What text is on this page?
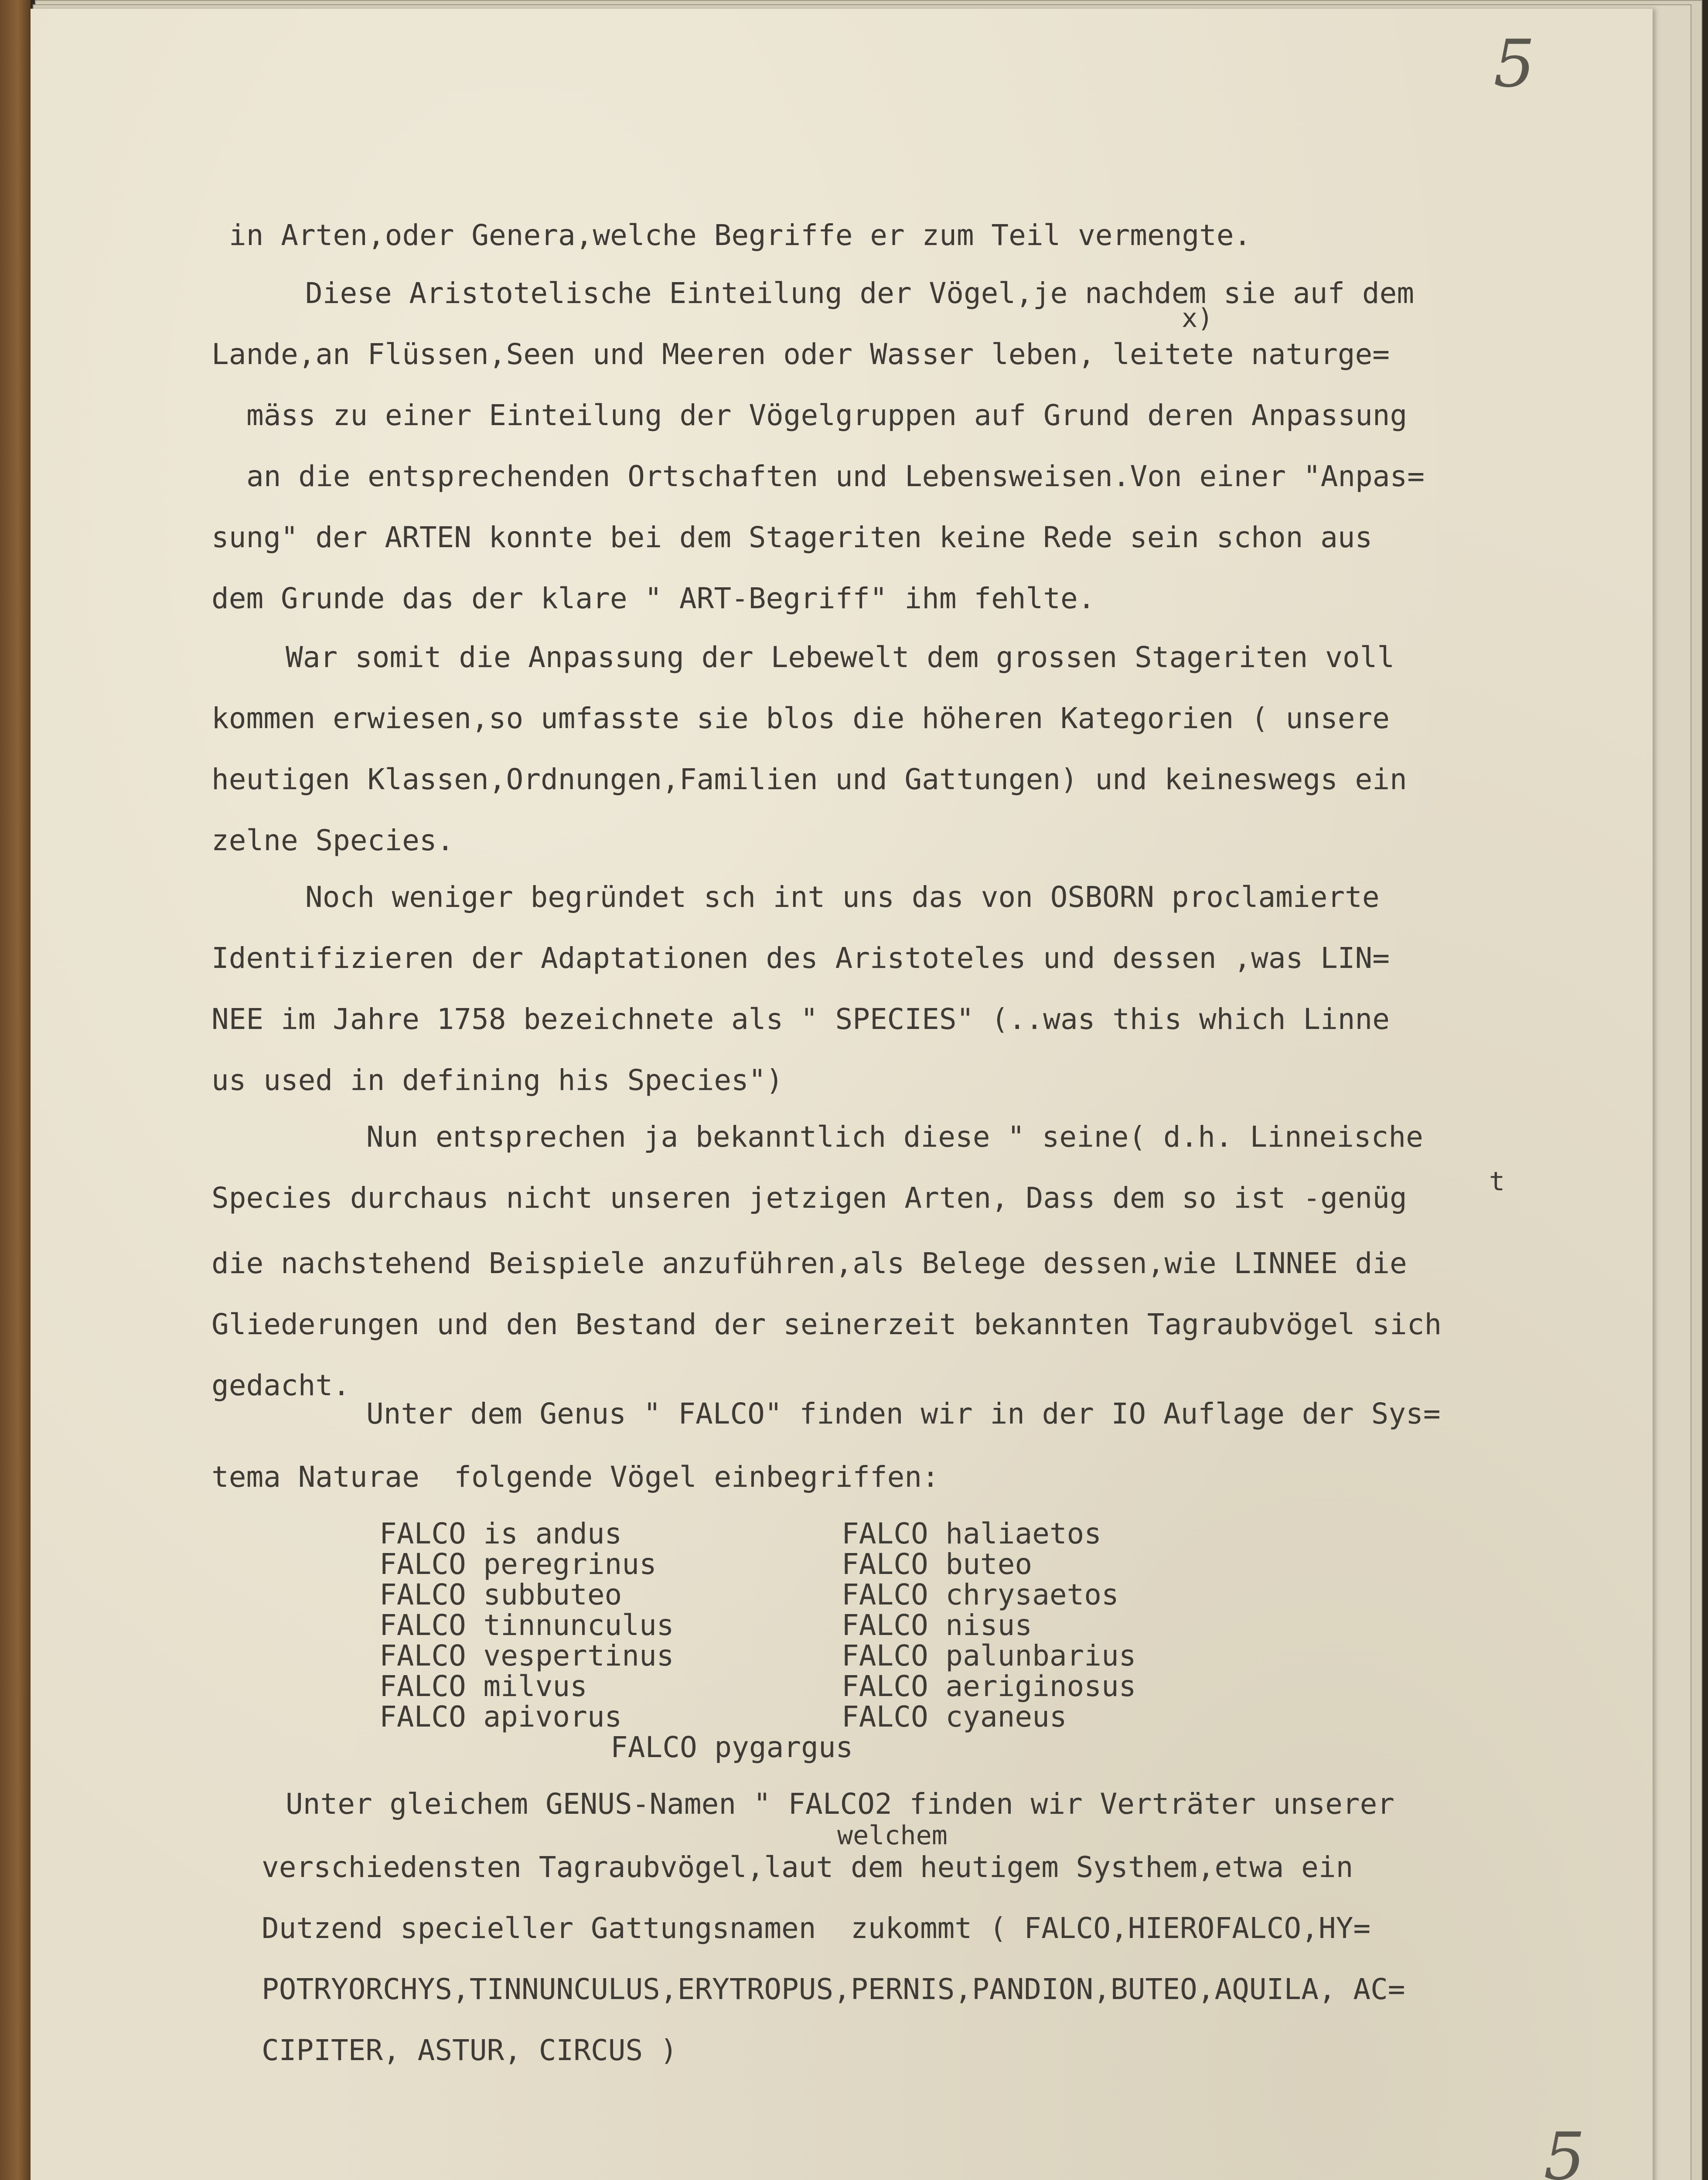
5

in Arten,oder Genera,welche Begriffe er zum Teil vermengte.

Diese Aristotelische Einteilung der Vögel,je nachdem sie auf dem

x)

Lande,an Flüssen,Seen und Meeren oder Wasser leben, leitete naturge=

mäss zu einer Einteilung der Vögelgruppen auf Grund deren Anpassung

an die entsprechenden Ortschaften und Lebensweisen.Von einer "Anpas=

sung" der ARTEN konnte bei dem Stageriten keine Rede sein schon aus

dem Grunde das der klare " ART-Begriff" ihm fehlte.

War somit die Anpassung der Lebewelt dem grossen Stageriten voll

kommen erwiesen,so umfasste sie blos die höheren Kategorien ( unsere

heutigen Klassen,Ordnungen,Familien und Gattungen) und keineswegs ein

zelne Species.

Noch weniger begründet sch int uns das von OSBORN proclamierte

Identifizieren der Adaptationen des Aristoteles und dessen ,was LIN=

NEE im Jahre 1758 bezeichnete als " SPECIES" (..was this which Linne

us used in defining his Species")

Nun entsprechen ja bekanntlich diese " seine( d.h. Linneische

Species durchaus nicht unseren jetzigen Arten, Dass dem so ist -genüg	t

die nachstehend Beispiele anzuführen,als Belege dessen,wie LINNEE die

Gliederungen und den Bestand der seinerzeit bekannten Tagraubvögel sich

gedacht.

Unter dem Genus " FALCO" finden wir in der IO Auflage der Sys=

tema Naturae  folgende Vögel einbegriffen:

FALCO is andus

FALCO peregrinus

FALCO subbuteo

FALCO tinnunculus

FALCO vespertinus

FALCO milvus

FALCO apivorus

FALCO haliaetos

FALCO buteo

FALCO chrysaetos

FALCO nisus

FALCO palunbarius

FALCO aeriginosus

FALCO cyaneus

FALCO pygargus

Unter gleichem GENUS-Namen " FALCO2 finden wir Verträter unserer

welchem

verschiedensten Tagraubvögel,laut dem heutigem Systhem,etwa ein

Dutzend specieller Gattungsnamen  zukommt ( FALCO,HIEROFALCO,HY=

POTRYORCHYS,TINNUNCULUS,ERYTROPUS,PERNIS,PANDION,BUTEO,AQUILA, AC=

CIPITER, ASTUR, CIRCUS )

5
